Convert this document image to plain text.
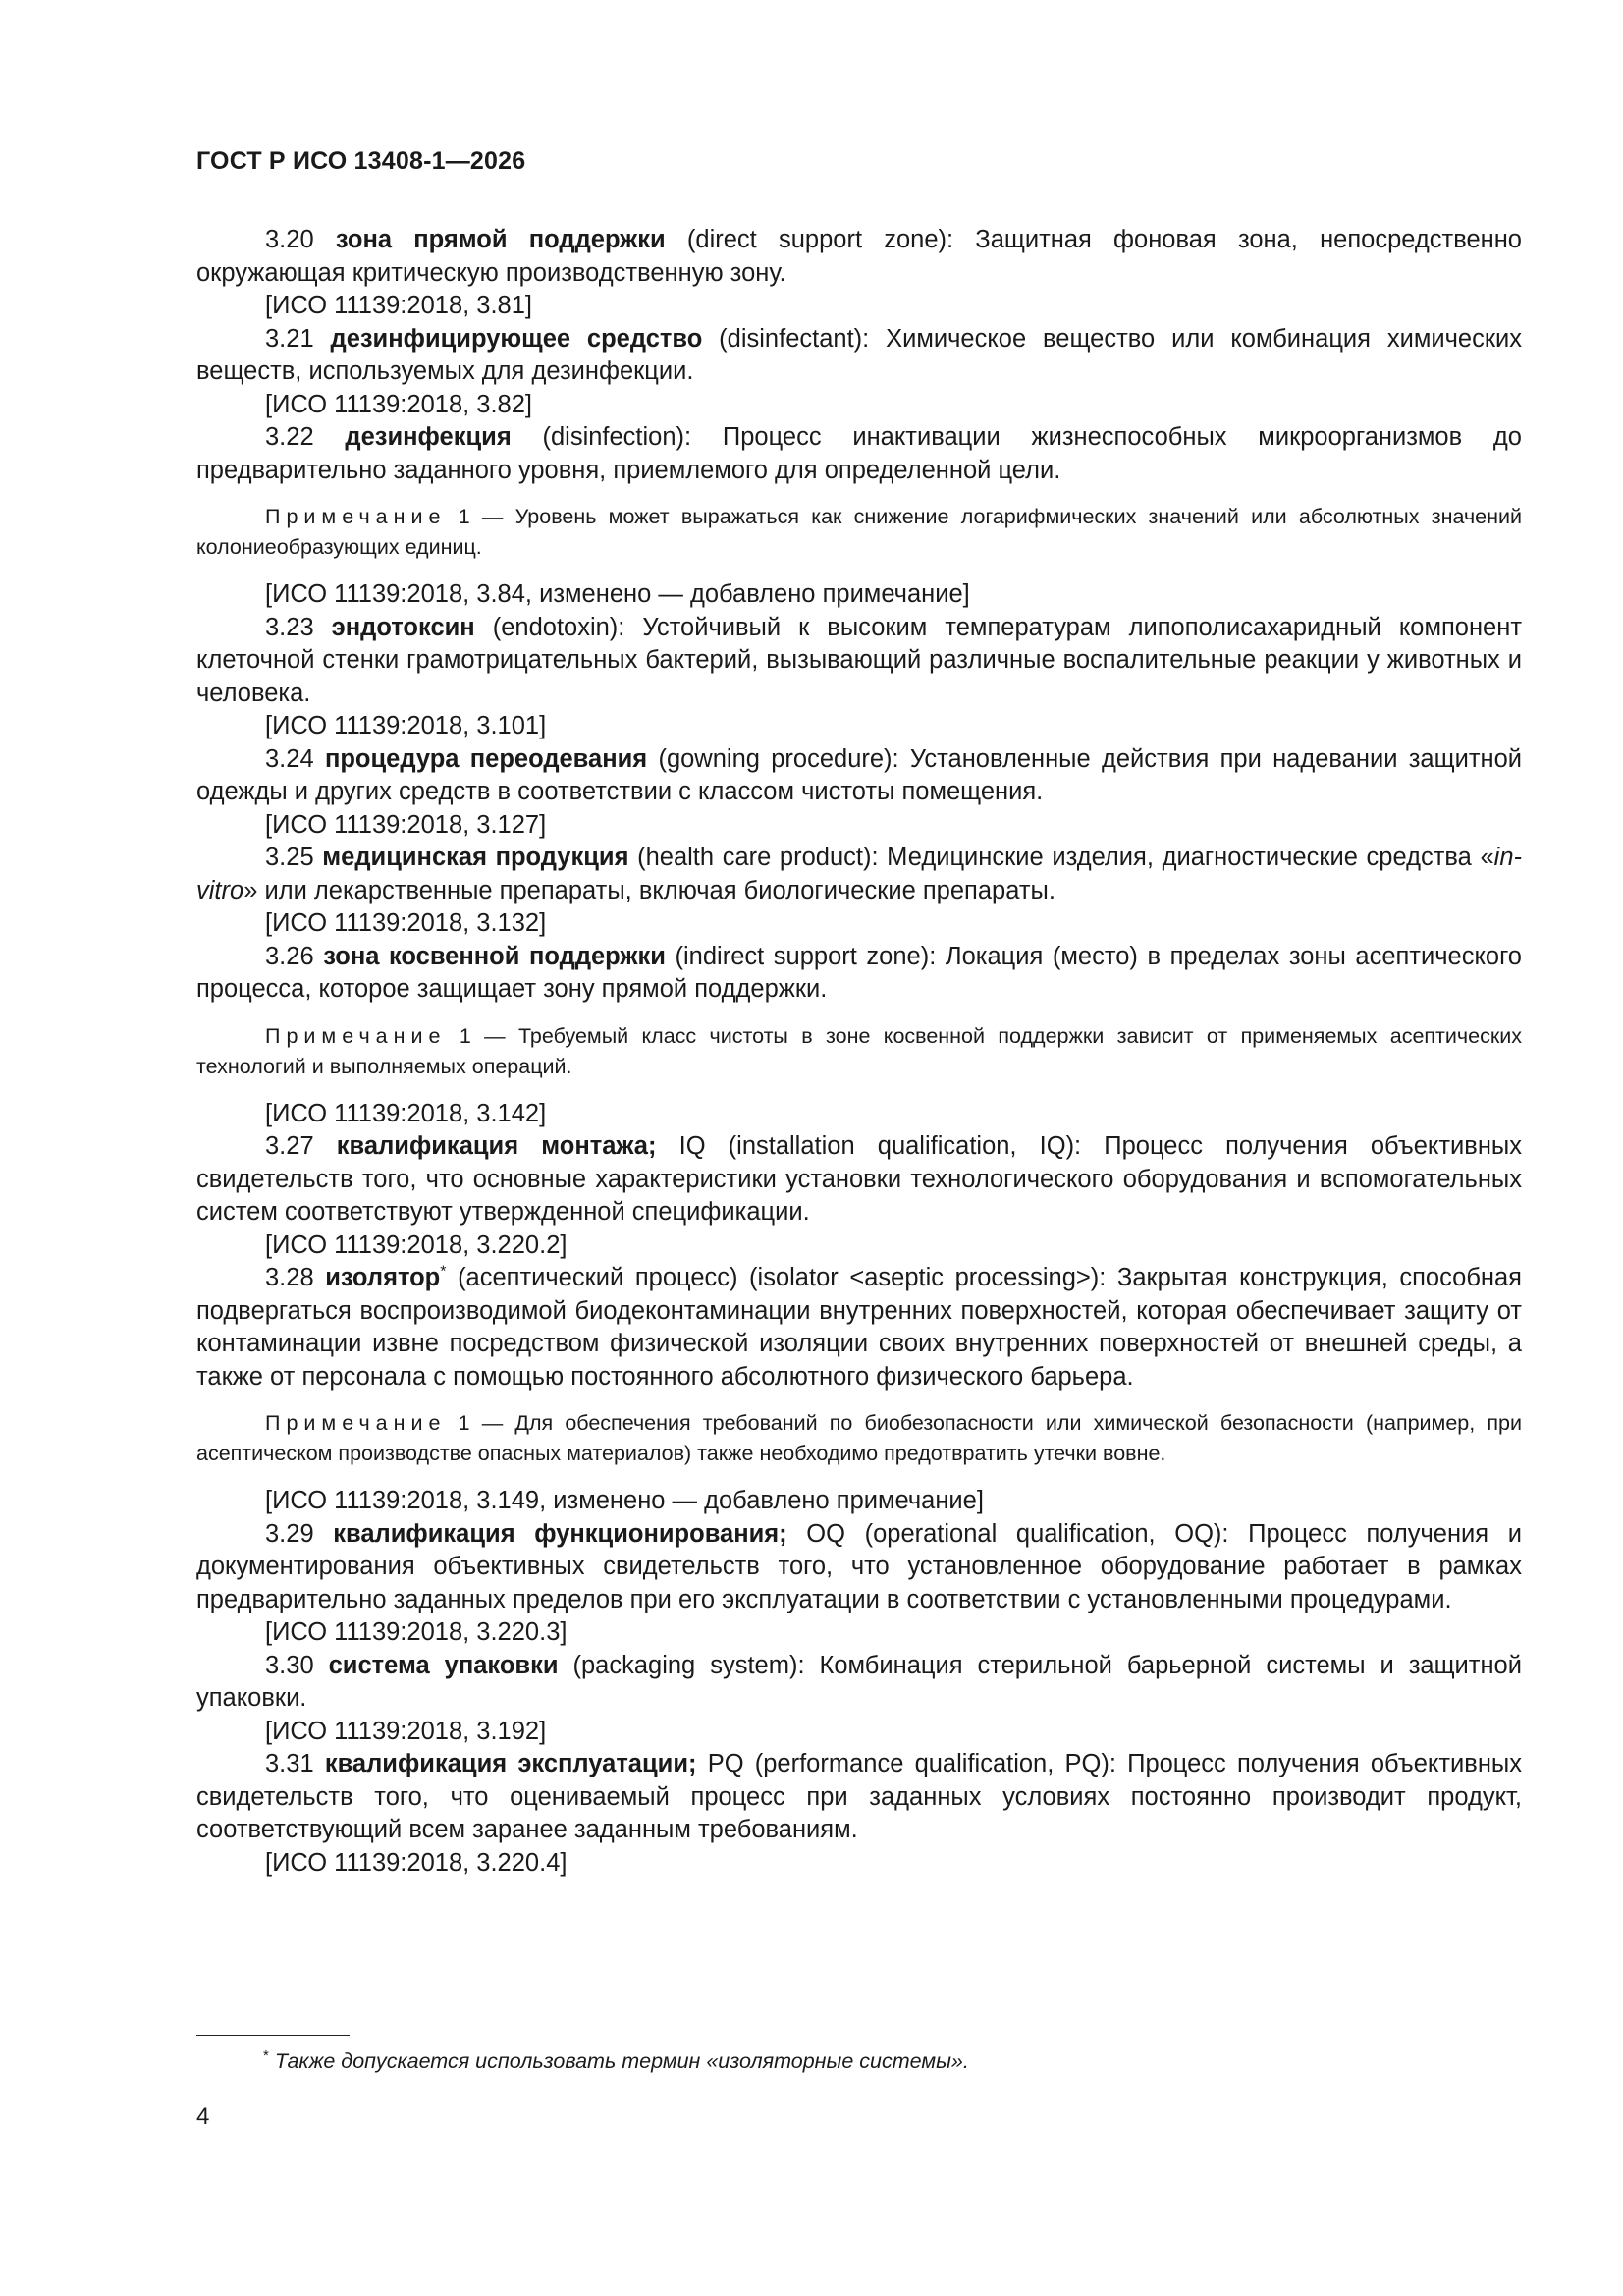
ГОСТ Р ИСО 13408-1—2026

3.20 зона прямой поддержки (direct support zone): Защитная фоновая зона, непосредственно окружающая критическую производственную зону.

[ИСО 11139:2018, 3.81]

3.21 дезинфицирующее средство (disinfectant): Химическое вещество или комбинация химических веществ, используемых для дезинфекции.

[ИСО 11139:2018, 3.82]

3.22 дезинфекция (disinfection): Процесс инактивации жизнеспособных микроорганизмов до предварительно заданного уровня, приемлемого для определенной цели.

Примечание 1 — Уровень может выражаться как снижение логарифмических значений или абсолютных значений колониеобразующих единиц.

[ИСО 11139:2018, 3.84, изменено — добавлено примечание]

3.23 эндотоксин (endotoxin): Устойчивый к высоким температурам липополисахаридный компонент клеточной стенки грамотрицательных бактерий, вызывающий различные воспалительные реакции у животных и человека.

[ИСО 11139:2018, 3.101]

3.24 процедура переодевания (gowning procedure): Установленные действия при надевании защитной одежды и других средств в соответствии с классом чистоты помещения.

[ИСО 11139:2018, 3.127]

3.25 медицинская продукция (health care product): Медицинские изделия, диагностические средства «in-vitro» или лекарственные препараты, включая биологические препараты.

[ИСО 11139:2018, 3.132]

3.26 зона косвенной поддержки (indirect support zone): Локация (место) в пределах зоны асептического процесса, которое защищает зону прямой поддержки.

Примечание 1 — Требуемый класс чистоты в зоне косвенной поддержки зависит от применяемых асептических технологий и выполняемых операций.

[ИСО 11139:2018, 3.142]

3.27 квалификация монтажа; IQ (installation qualification, IQ): Процесс получения объективных свидетельств того, что основные характеристики установки технологического оборудования и вспомогательных систем соответствуют утвержденной спецификации.

[ИСО 11139:2018, 3.220.2]

3.28 изолятор* (асептический процесс) (isolator <aseptic processing>): Закрытая конструкция, способная подвергаться воспроизводимой биодеконтаминации внутренних поверхностей, которая обеспечивает защиту от контаминации извне посредством физической изоляции своих внутренних поверхностей от внешней среды, а также от персонала с помощью постоянного абсолютного физического барьера.

Примечание 1 — Для обеспечения требований по биобезопасности или химической безопасности (например, при асептическом производстве опасных материалов) также необходимо предотвратить утечки вовне.

[ИСО 11139:2018, 3.149, изменено — добавлено примечание]

3.29 квалификация функционирования; OQ (operational qualification, OQ): Процесс получения и документирования объективных свидетельств того, что установленное оборудование работает в рамках предварительно заданных пределов при его эксплуатации в соответствии с установленными процедурами.

[ИСО 11139:2018, 3.220.3]

3.30 система упаковки (packaging system): Комбинация стерильной барьерной системы и защитной упаковки.

[ИСО 11139:2018, 3.192]

3.31 квалификация эксплуатации; PQ (performance qualification, PQ): Процесс получения объективных свидетельств того, что оцениваемый процесс при заданных условиях постоянно производит продукт, соответствующий всем заранее заданным требованиям.

[ИСО 11139:2018, 3.220.4]

* Также допускается использовать термин «изоляторные системы».
4
